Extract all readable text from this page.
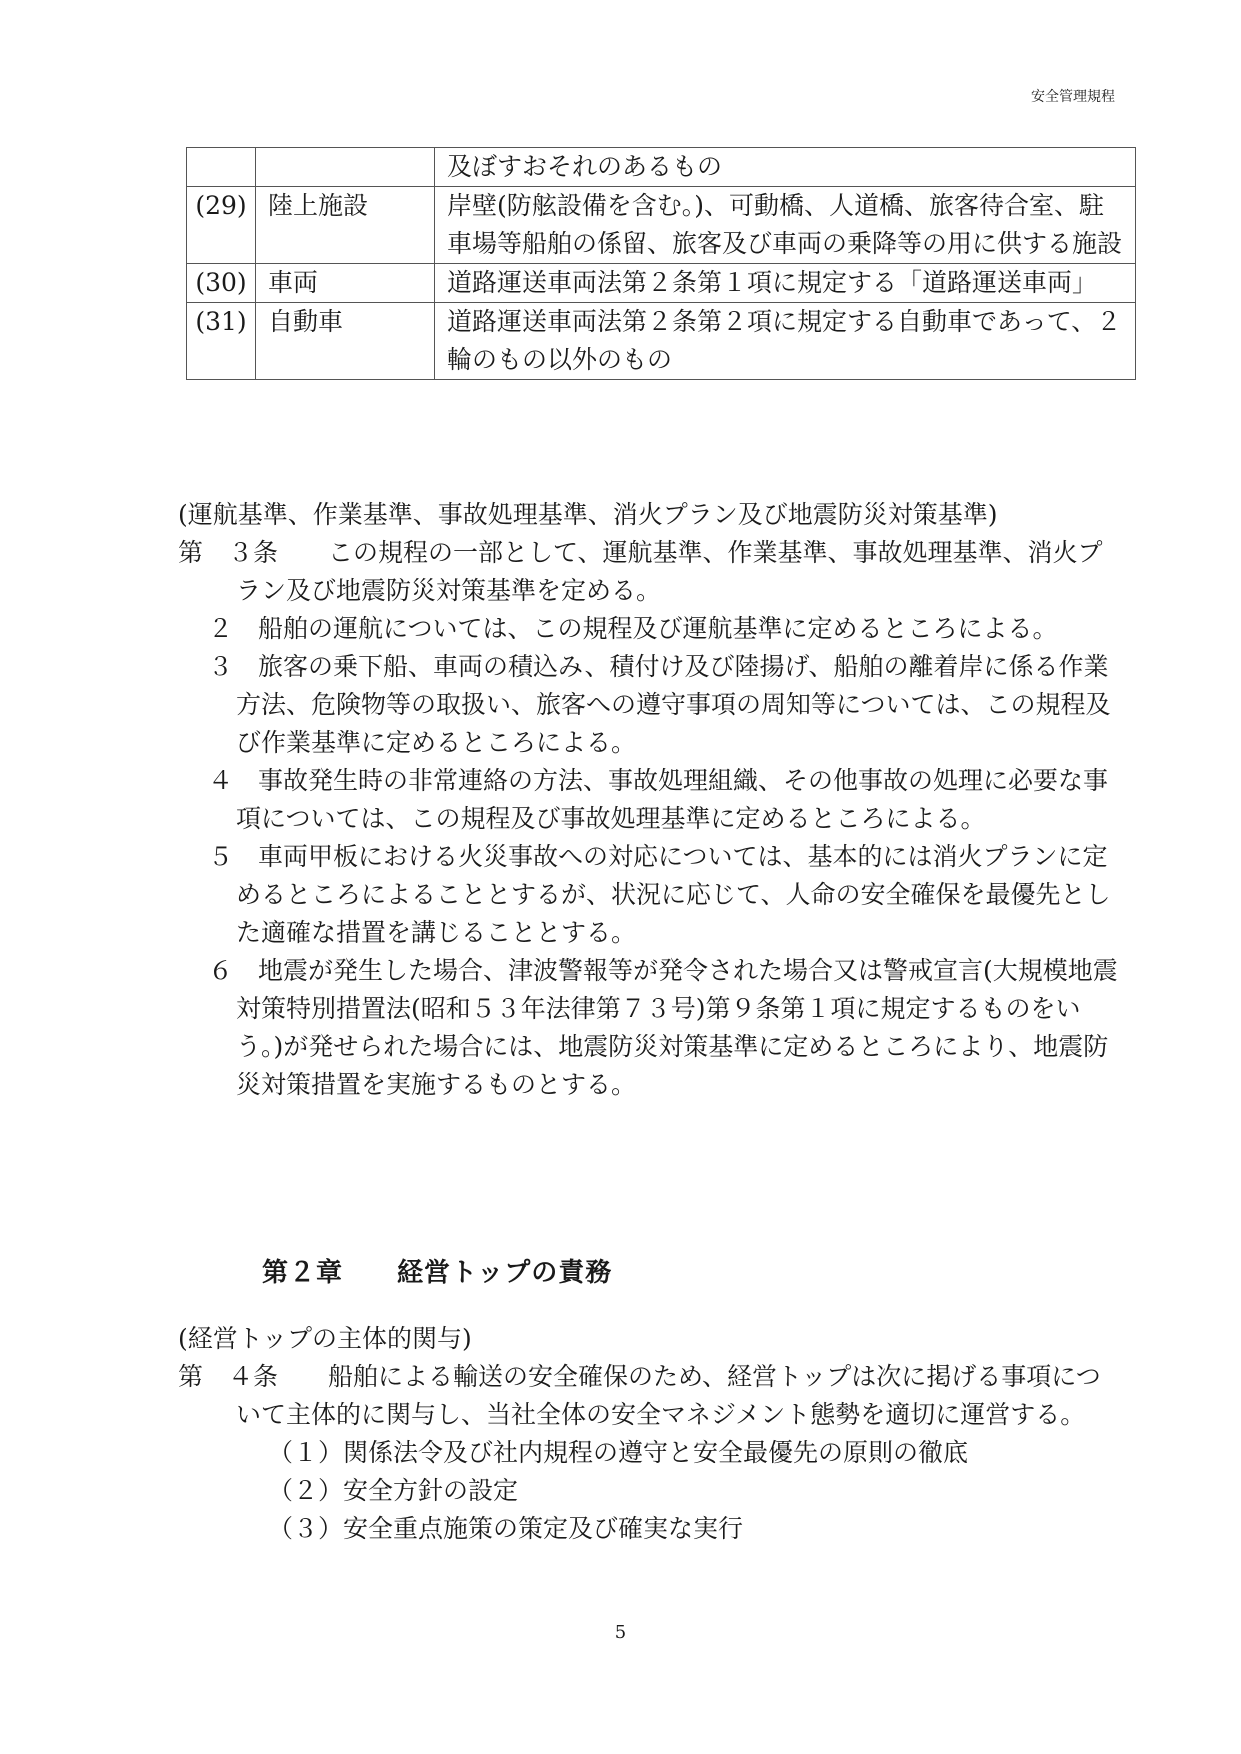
安全管理規程
		及ぼすおそれのあるもの
(29)	陸上施設	岸壁(防舷設備を含む。)、可動橋、人道橋、旅客待合室、駐車場等船舶の係留、旅客及び車両の乗降等の用に供する施設
(30)	車両	道路運送車両法第２条第１項に規定する「道路運送車両」
(31)	自動車	道路運送車両法第２条第２項に規定する自動車であって、２輪のもの以外のもの

(運航基準、作業基準、事故処理基準、消火プラン及び地震防災対策基準)

第　３条　　この規程の一部として、運航基準、作業基準、事故処理基準、消火プラン及び地震防災対策基準を定める。

２　船舶の運航については、この規程及び運航基準に定めるところによる。

３　旅客の乗下船、車両の積込み、積付け及び陸揚げ、船舶の離着岸に係る作業方法、危険物等の取扱い、旅客への遵守事項の周知等については、この規程及び作業基準に定めるところによる。

４　事故発生時の非常連絡の方法、事故処理組織、その他事故の処理に必要な事項については、この規程及び事故処理基準に定めるところによる。

５　車両甲板における火災事故への対応については、基本的には消火プランに定めるところによることとするが、状況に応じて、人命の安全確保を最優先とした適確な措置を講じることとする。

６　地震が発生した場合、津波警報等が発令された場合又は警戒宣言(大規模地震対策特別措置法(昭和５３年法律第７３号)第９条第１項に規定するものをいう。)が発せられた場合には、地震防災対策基準に定めるところにより、地震防災対策措置を実施するものとする。

第２章　　経営トップの責務

(経営トップの主体的関与)

第　４条　　船舶による輸送の安全確保のため、経営トップは次に掲げる事項について主体的に関与し、当社全体の安全マネジメント態勢を適切に運営する。

（１）関係法令及び社内規程の遵守と安全最優先の原則の徹底

（２）安全方針の設定

（３）安全重点施策の策定及び確実な実行

5
